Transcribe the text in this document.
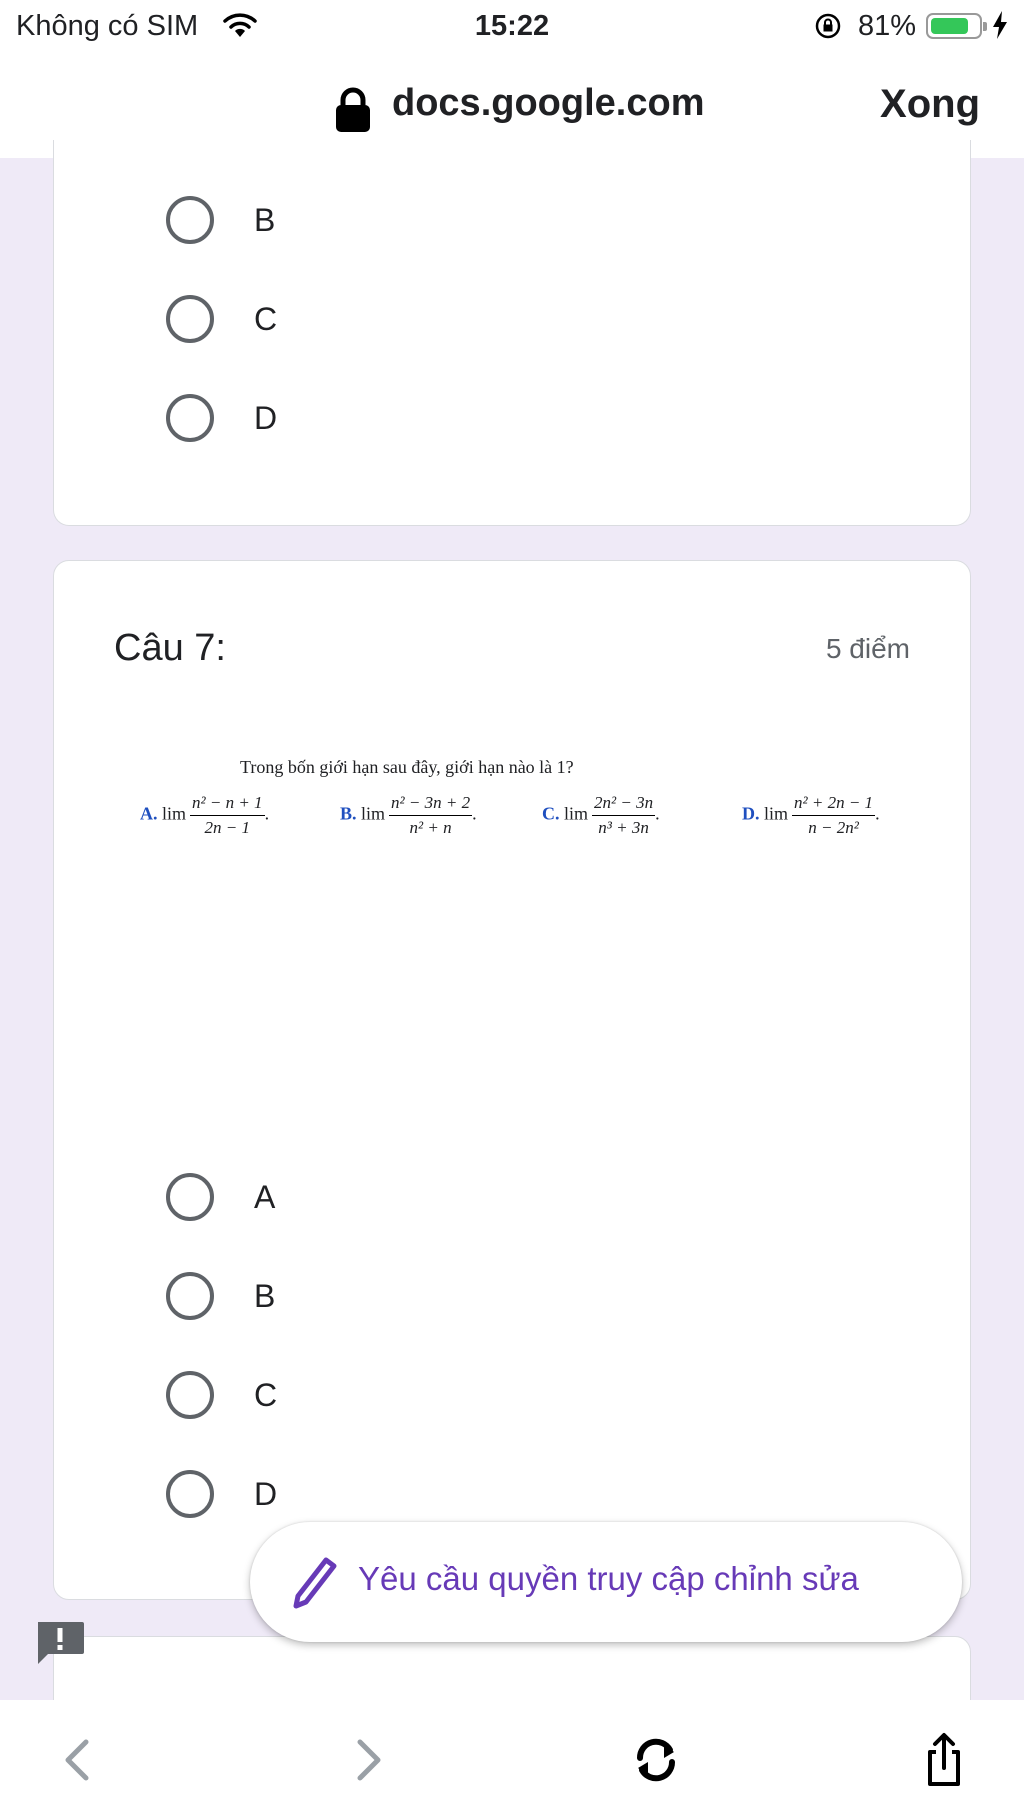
Không có SIM	15:22	81%
docs.google.com	Xong
B
C
D
Câu 7:	5 điểm
Trong bốn giới hạn sau đây, giới hạn nào là 1?
A. $\lim \frac{\text{n² − n + 1}}{2n - 1}$ .	B. $\lim \frac{\text{n² − 3n + 2}}{\text{n² + n}}$ .	C. $\lim \frac{\text{2n² − 3n}}{\text{n³ + 3n}}$ .	D. $\lim \frac{\text{n² + 2n − 1}}{\text{n − 2n²}}$ .
A
B
C
D
Yêu cầu quyền truy cập chỉnh sửa
